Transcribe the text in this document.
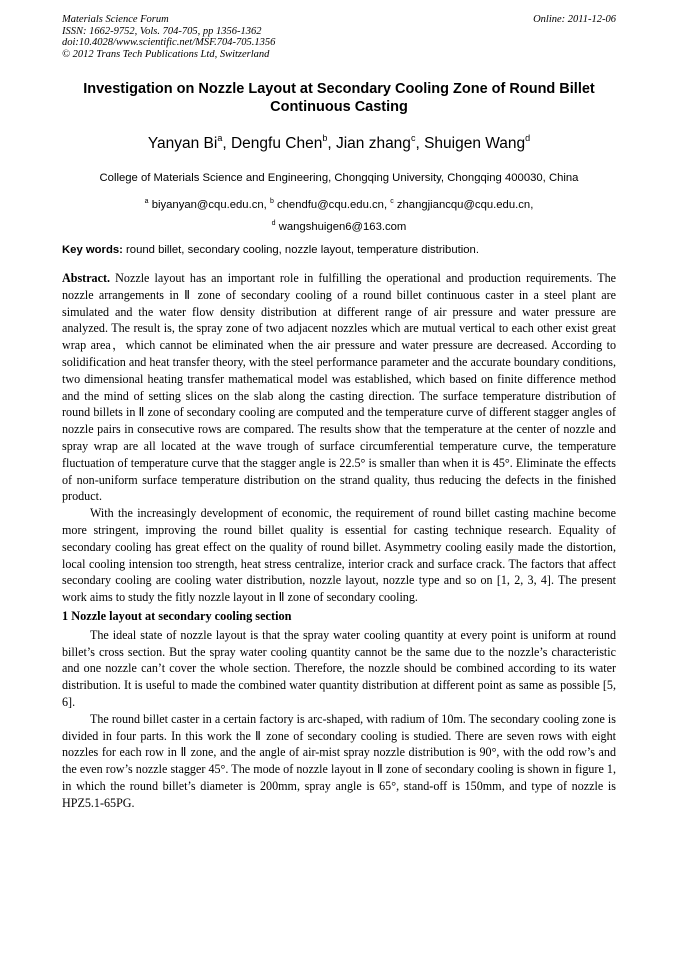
Materials Science Forum	Online: 2011-12-06
ISSN: 1662-9752, Vols. 704-705, pp 1356-1362
doi:10.4028/www.scientific.net/MSF.704-705.1356
© 2012 Trans Tech Publications Ltd, Switzerland
Investigation on Nozzle Layout at Secondary Cooling Zone of Round Billet Continuous Casting
Yanyan Bi$^a$, Dengfu Chen$^b$, Jian zhang$^c$, Shuigen Wang$^d$
College of Materials Science and Engineering, Chongqing University, Chongqing 400030, China
$^a$ biyanyan@cqu.edu.cn, $^b$ chendfu@cqu.edu.cn, $^c$ zhangjiancqu@cqu.edu.cn,
$^d$ wangshuigen6@163.com
Key words: round billet, secondary cooling, nozzle layout, temperature distribution.

Abstract. Nozzle layout has an important role in fulfilling the operational and production requirements. The nozzle arrangements in Ⅱ zone of secondary cooling of a round billet continuous caster in a steel plant are simulated and the water flow density distribution at different range of air pressure and water pressure are analyzed. The result is, the spray zone of two adjacent nozzles which are mutual vertical to each other exist great wrap area，which cannot be eliminated when the air pressure and water pressure are decreased. According to solidification and heat transfer theory, with the steel performance parameter and the accurate boundary conditions, two dimensional heating transfer mathematical model was established, which based on finite difference method and the mind of setting slices on the slab along the casting direction. The surface temperature distribution of round billets in Ⅱ zone of secondary cooling are computed and the temperature curve of different stagger angles of nozzle pairs in consecutive rows are compared. The results show that the temperature at the center of nozzle and spray wrap are all located at the wave trough of surface circumferential temperature curve, the temperature fluctuation of temperature curve that the stagger angle is 22.5° is smaller than when it is 45°. Eliminate the effects of non-uniform surface temperature distribution on the strand quality, thus reducing the defects in the finished product.

With the increasingly development of economic, the requirement of round billet casting machine become more stringent, improving the round billet quality is essential for casting technique research. Equality of secondary cooling has great effect on the quality of round billet. Asymmetry cooling easily made the distortion, local cooling intension too strength, heat stress centralize, interior crack and surface crack. The factors that affect secondary cooling are cooling water distribution, nozzle layout, nozzle type and so on [1, 2, 3, 4]. The present work aims to study the fitly nozzle layout in Ⅱ zone of secondary cooling.

1 Nozzle layout at secondary cooling section

The ideal state of nozzle layout is that the spray water cooling quantity at every point is uniform at round billet’s cross section. But the spray water cooling quantity cannot be the same due to the nozzle’s characteristic and one nozzle can’t cover the whole section. Therefore, the nozzle should be combined according to its water distribution. It is useful to made the combined water quantity distribution at different point as same as possible [5, 6].

The round billet caster in a certain factory is arc-shaped, with radium of 10m. The secondary cooling zone is divided in four parts. In this work the Ⅱ zone of secondary cooling is studied. There are seven rows with eight nozzles for each row in Ⅱ zone, and the angle of air-mist spray nozzle distribution is 90°, with the odd row’s and the even row’s nozzle stagger 45°. The mode of nozzle layout in Ⅱ zone of secondary cooling is shown in figure 1, in which the round billet’s diameter is 200mm, spray angle is 65°, stand-off is 150mm, and type of nozzle is HPZ5.1-65PG.
